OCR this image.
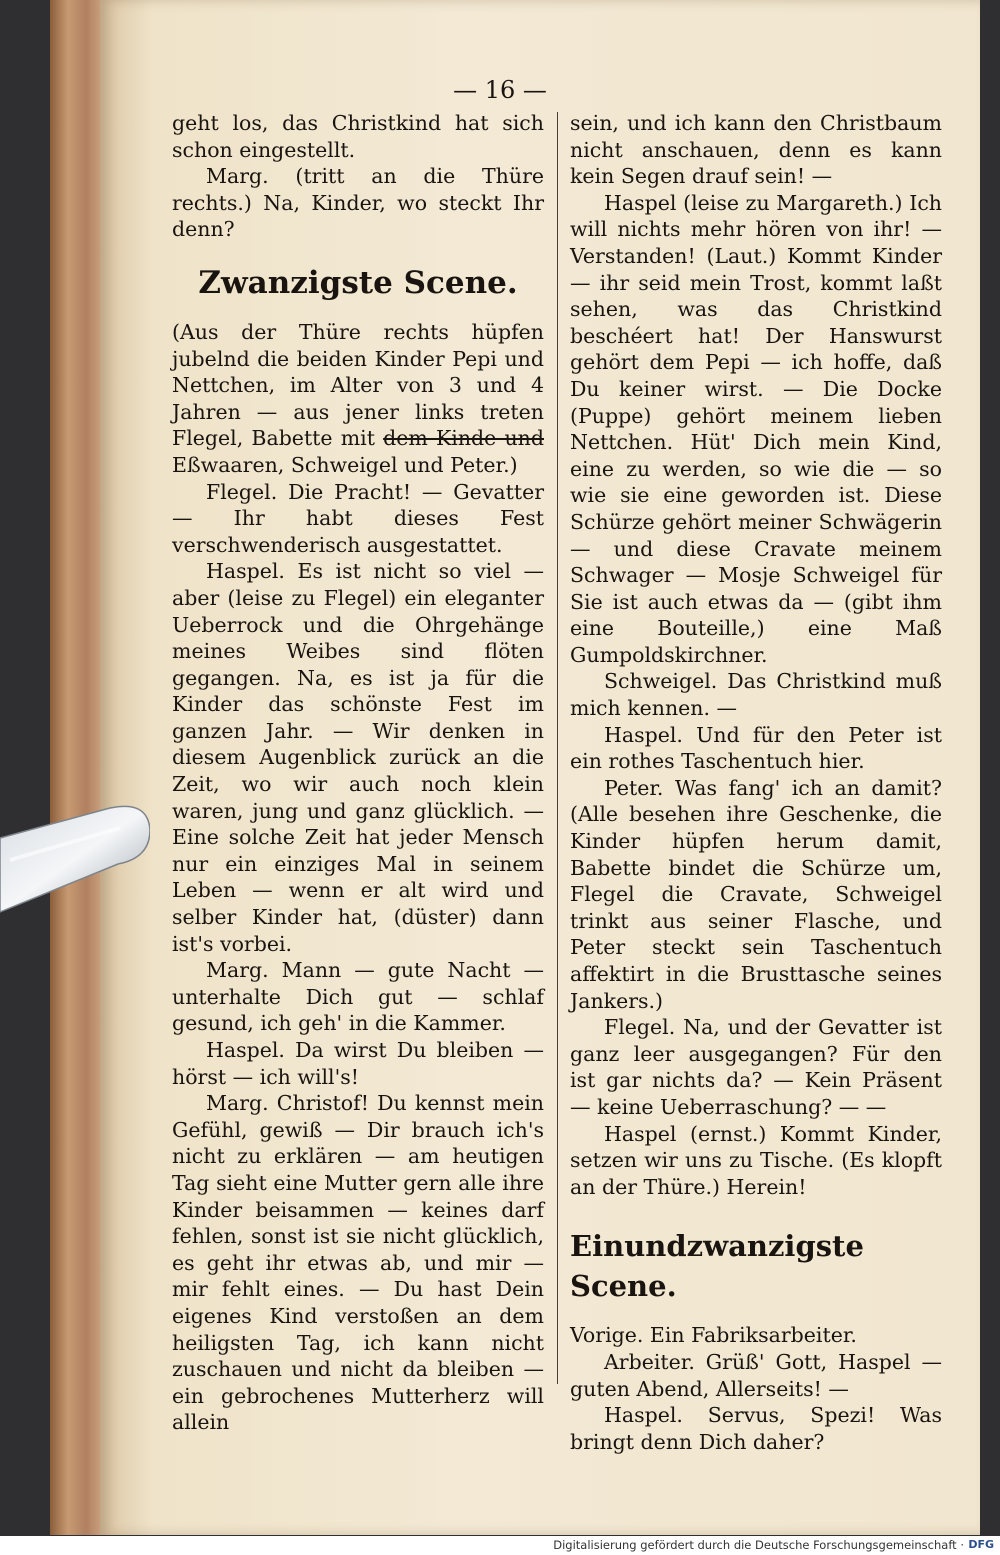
— 16 —

geht los, das Christkind hat sich schon eingestellt.

Marg. (tritt an die Thüre rechts.) Na, Kinder, wo steckt Ihr denn?

Zwanzigste Scene.

(Aus der Thüre rechts hüpfen jubelnd die beiden Kinder Pepi und Nettchen, im Alter von 3 und 4 Jahren — aus jener links treten Flegel, Babette mit dem Kinde und Eßwaaren, Schweigel und Peter.)

Flegel. Die Pracht! — Gevatter — Ihr habt dieses Fest verschwenderisch ausgestattet.

Haspel. Es ist nicht so viel — aber (leise zu Flegel) ein eleganter Ueberrock und die Ohrgehänge meines Weibes sind flöten gegangen. Na, es ist ja für die Kinder das schönste Fest im ganzen Jahr. — Wir denken in diesem Augenblick zurück an die Zeit, wo wir auch noch klein waren, jung und ganz glücklich. — Eine solche Zeit hat jeder Mensch nur ein einziges Mal in seinem Leben — wenn er alt wird und selber Kinder hat, (düster) dann ist's vorbei.

Marg. Mann — gute Nacht — unterhalte Dich gut — schlaf gesund, ich geh' in die Kammer.

Haspel. Da wirst Du bleiben — hörst — ich will's!

Marg. Christof! Du kennst mein Gefühl, gewiß — Dir brauch ich's nicht zu erklären — am heutigen Tag sieht eine Mutter gern alle ihre Kinder beisammen — keines darf fehlen, sonst ist sie nicht glücklich, es geht ihr etwas ab, und mir — mir fehlt eines. — Du hast Dein eigenes Kind verstoßen an dem heiligsten Tag, ich kann nicht zuschauen und nicht da bleiben — ein gebrochenes Mutterherz will allein

sein, und ich kann den Christbaum nicht anschauen, denn es kann kein Segen drauf sein! —

Haspel (leise zu Margareth.) Ich will nichts mehr hören von ihr! — Verstanden! (Laut.) Kommt Kinder — ihr seid mein Trost, kommt laßt sehen, was das Christkind beschéert hat! Der Hanswurst gehört dem Pepi — ich hoffe, daß Du keiner wirst. — Die Docke (Puppe) gehört meinem lieben Nettchen. Hüt' Dich mein Kind, eine zu werden, so wie die — so wie sie eine geworden ist. Diese Schürze gehört meiner Schwägerin — und diese Cravate meinem Schwager — Mosje Schweigel für Sie ist auch etwas da — (gibt ihm eine Bouteille,) eine Maß Gumpoldskirchner.

Schweigel. Das Christkind muß mich kennen. —

Haspel. Und für den Peter ist ein rothes Taschentuch hier.

Peter. Was fang' ich an damit? (Alle besehen ihre Geschenke, die Kinder hüpfen herum damit, Babette bindet die Schürze um, Flegel die Cravate, Schweigel trinkt aus seiner Flasche, und Peter steckt sein Taschentuch affektirt in die Brusttasche seines Jankers.)

Flegel. Na, und der Gevatter ist ganz leer ausgegangen? Für den ist gar nichts da? — Kein Präsent — keine Ueberraschung? — —

Haspel (ernst.) Kommt Kinder, setzen wir uns zu Tische. (Es klopft an der Thüre.) Herein!

Einundzwanzigste Scene.

Vorige. Ein Fabriksarbeiter.

Arbeiter. Grüß' Gott, Haspel — guten Abend, Allerseits! —

Haspel. Servus, Spezi! Was bringt denn Dich daher?

Digitalisierung gefördert durch die Deutsche Forschungsgemeinschaft · DFG
